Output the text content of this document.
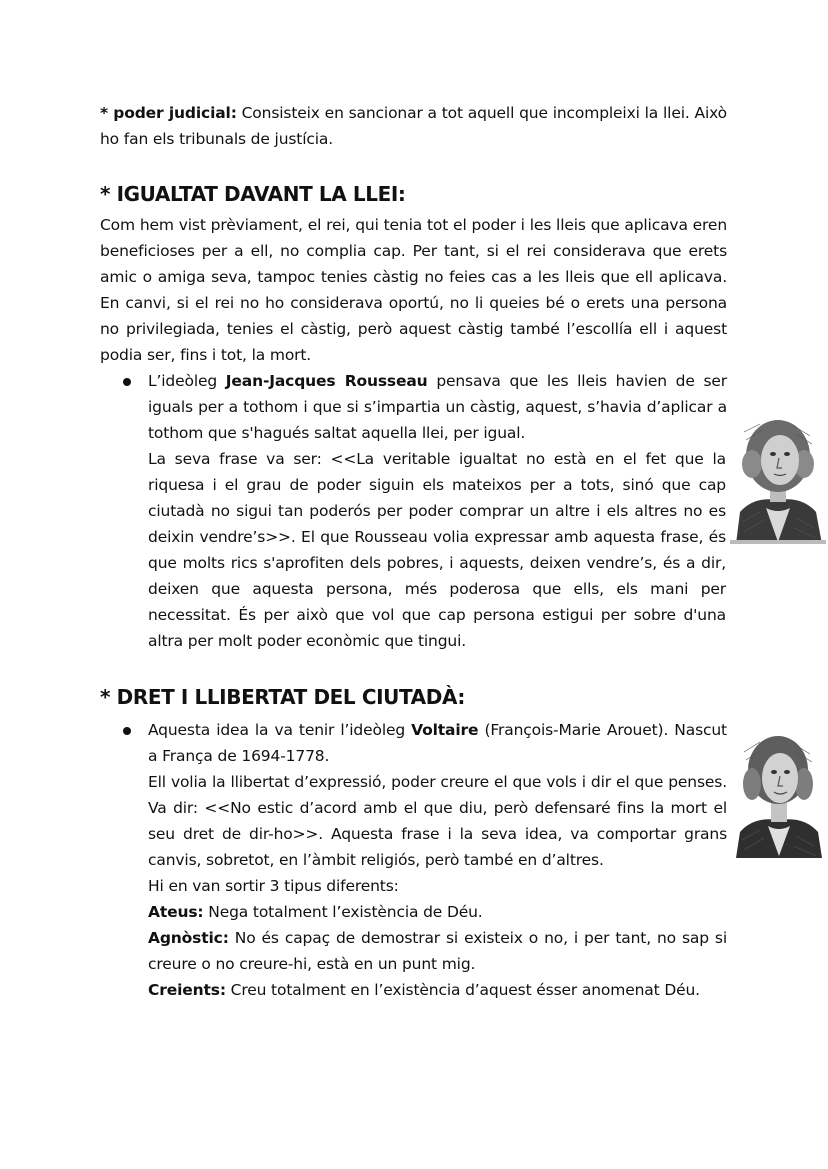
* poder judicial: Consisteix en sancionar a tot aquell que incompleixi la llei. Això ho fan els tribunals de justícia.

* IGUALTAT DAVANT LA LLEI:

Com hem vist prèviament, el rei, qui tenia tot el poder i les lleis que aplicava eren beneficioses per a ell, no complia cap. Per tant, si el rei considerava que erets amic o amiga seva, tampoc tenies càstig no feies cas a les lleis que ell aplicava. En canvi, si el rei no ho considerava oportú, no li queies bé o erets una persona no privilegiada, tenies el càstig, però aquest càstig també l’escollía ell i aquest podia ser, fins i tot, la mort.

L’ideòleg Jean-Jacques Rousseau pensava que les lleis havien de ser iguals per a tothom i que si s’impartia un càstig, aquest, s’havia d’aplicar a tothom que s'hagués saltat aquella llei, per igual.

La seva frase va ser: <<La veritable igualtat no està en el fet que la riquesa i el grau de poder siguin els mateixos per a tots, sinó que cap ciutadà no sigui tan poderós per poder comprar un altre i els altres no es deixin vendre’s>>. El que Rousseau volia expressar amb aquesta frase, és que molts rics s'aprofiten dels pobres, i aquests, deixen vendre’s, és a dir, deixen que aquesta persona, més poderosa que ells, els mani per necessitat. És per això que vol que cap persona estigui per sobre d'una altra per molt poder econòmic que tingui.

* DRET I LLIBERTAT DEL CIUTADÀ:

Aquesta idea la va tenir l’ideòleg Voltaire (François-Marie Arouet). Nascut a França de 1694-1778.

Ell volia la llibertat d’expressió, poder creure el que vols i dir el que penses. Va dir: <<No estic d’acord amb el que diu, però defensaré fins la mort el seu dret de dir-ho>>. Aquesta frase i la seva idea, va comportar grans canvis, sobretot, en l’àmbit religiós, però també en d’altres.

Hi en van sortir 3 tipus diferents:

Ateus: Nega totalment l’existència de Déu.

Agnòstic: No és capaç de demostrar si existeix o no, i per tant, no sap si creure o no creure-hi, està en un punt mig.

Creients: Creu totalment en l’existència d’aquest ésser anomenat Déu.
